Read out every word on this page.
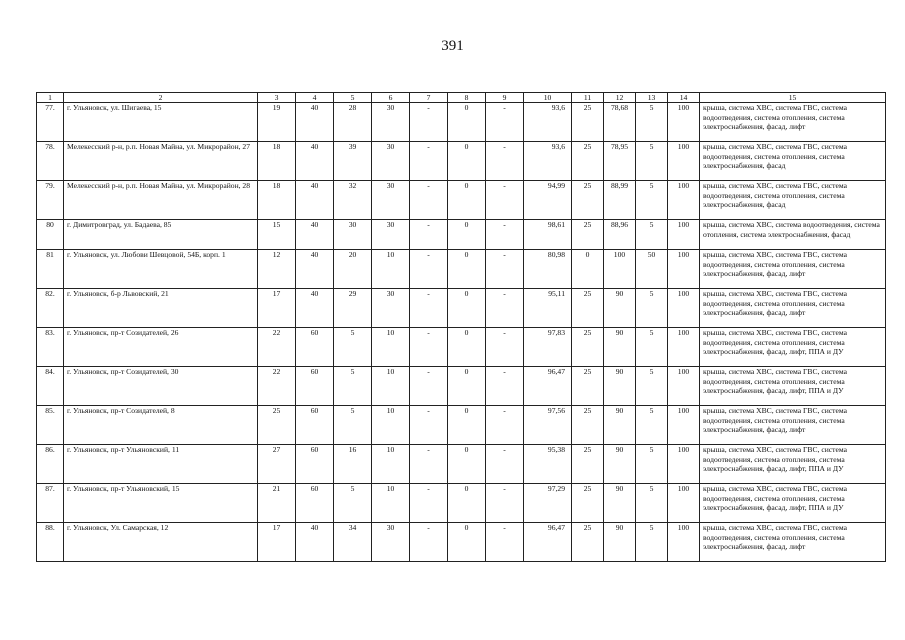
391
1	2	3	4	5	6	7	8	9	10	11	12	13	14	15
77.	г. Ульяновск, ул. Шигаева, 15	19	40	28	30	-	0	-	93,6	25	78,68	5	100	крыша, система ХВС, система ГВС, система водоотведения, система отопления, система электроснабжения, фасад, лифт
78.	Мелекесский р-н, р.п. Новая Майна, ул. Микрорайон, 27	18	40	39	30	-	0	-	93,6	25	78,95	5	100	крыша, система ХВС, система ГВС, система водоотведения, система отопления, система электроснабжения, фасад
79.	Мелекесский р-н, р.п. Новая Майна, ул. Микрорайон, 28	18	40	32	30	-	0	-	94,99	25	88,99	5	100	крыша, система ХВС, система ГВС, система водоотведения, система отопления, система электроснабжения, фасад
80	г. Димитровград, ул. Бадаева, 85	15	40	30	30	-	0	-	98,61	25	88,96	5	100	крыша, система ХВС, система водоотведения, система отопления, система электроснабжения, фасад
81	г. Ульяновск, ул. Любови Шевцовой, 54Б, корп. 1	12	40	20	10	-	0	-	80,98	0	100	50	100	крыша, система ХВС, система ГВС, система водоотведения, система отопления, система электроснабжения, фасад, лифт
82.	г. Ульяновск, б-р Львовский, 21	17	40	29	30	-	0	-	95,11	25	90	5	100	крыша, система ХВС, система ГВС, система водоотведения, система отопления, система электроснабжения, фасад, лифт
83.	г. Ульяновск, пр-т Созидателей, 26	22	60	5	10	-	0	-	97,83	25	90	5	100	крыша, система ХВС, система ГВС, система водоотведения, система отопления, система электроснабжения, фасад, лифт, ППА и ДУ
84.	г. Ульяновск, пр-т Созидателей, 30	22	60	5	10	-	0	-	96,47	25	90	5	100	крыша, система ХВС, система ГВС, система водоотведения, система отопления, система электроснабжения, фасад, лифт, ППА и ДУ
85.	г. Ульяновск, пр-т Созидателей, 8	25	60	5	10	-	0	-	97,56	25	90	5	100	крыша, система ХВС, система ГВС, система водоотведения, система отопления, система электроснабжения, фасад, лифт
86.	г. Ульяновск, пр-т Ульяновский, 11	27	60	16	10	-	0	-	95,38	25	90	5	100	крыша, система ХВС, система ГВС, система водоотведения, система отопления, система электроснабжения, фасад, лифт, ППА и ДУ
87.	г. Ульяновск, пр-т Ульяновский, 15	21	60	5	10	-	0	-	97,29	25	90	5	100	крыша, система ХВС, система ГВС, система водоотведения, система отопления, система электроснабжения, фасад, лифт, ППА и ДУ
88.	г. Ульяновск, Ул. Самарская, 12	17	40	34	30	-	0	-	96,47	25	90	5	100	крыша, система ХВС, система ГВС, система водоотведения, система отопления, система электроснабжения, фасад, лифт
